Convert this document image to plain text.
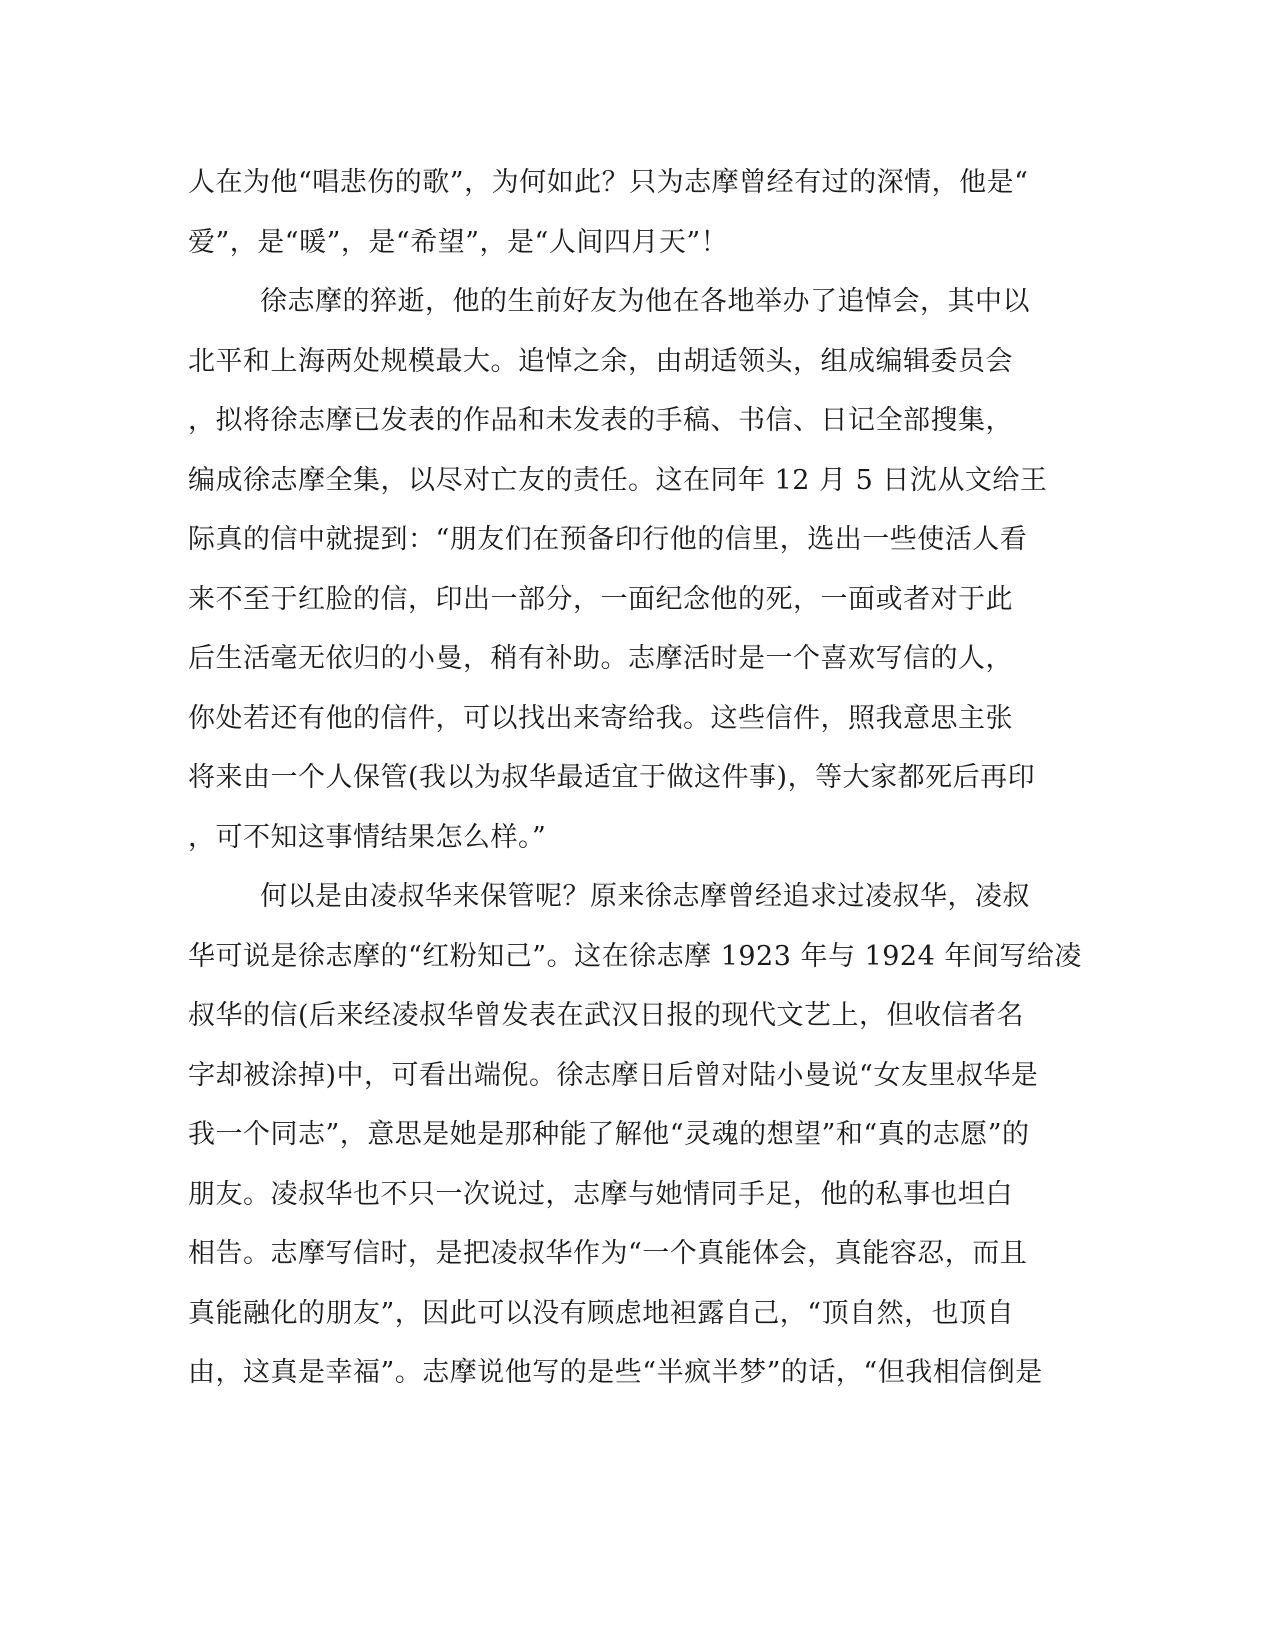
人在为他“唱悲伤的歌”，为何如此？只为志摩曾经有过的深情，他是“
爱”，是“暖”，是“希望”，是“人间四月天”！
徐志摩的猝逝，他的生前好友为他在各地举办了追悼会，其中以
北平和上海两处规模最大。追悼之余，由胡适领头，组成编辑委员会
，拟将徐志摩已发表的作品和未发表的手稿、书信、日记全部搜集，
编成徐志摩全集，以尽对亡友的责任。这在同年 12 月 5 日沈从文给王
际真的信中就提到：“朋友们在预备印行他的信里，选出一些使活人看
来不至于红脸的信，印出一部分，一面纪念他的死，一面或者对于此
后生活毫无依归的小曼，稍有补助。志摩活时是一个喜欢写信的人，
你处若还有他的信件，可以找出来寄给我。这些信件，照我意思主张
将来由一个人保管(我以为叔华最适宜于做这件事)，等大家都死后再印
，可不知这事情结果怎么样。”
何以是由凌叔华来保管呢？原来徐志摩曾经追求过凌叔华，凌叔
华可说是徐志摩的“红粉知己”。这在徐志摩 1923 年与 1924 年间写给凌
叔华的信(后来经凌叔华曾发表在武汉日报的现代文艺上，但收信者名
字却被涂掉)中，可看出端倪。徐志摩日后曾对陆小曼说“女友里叔华是
我一个同志”，意思是她是那种能了解他“灵魂的想望”和“真的志愿”的
朋友。凌叔华也不只一次说过，志摩与她情同手足，他的私事也坦白
相告。志摩写信时，是把凌叔华作为“一个真能体会，真能容忍，而且
真能融化的朋友”，因此可以没有顾虑地袒露自己，“顶自然，也顶自
由，这真是幸福”。志摩说他写的是些“半疯半梦”的话，“但我相信倒是
